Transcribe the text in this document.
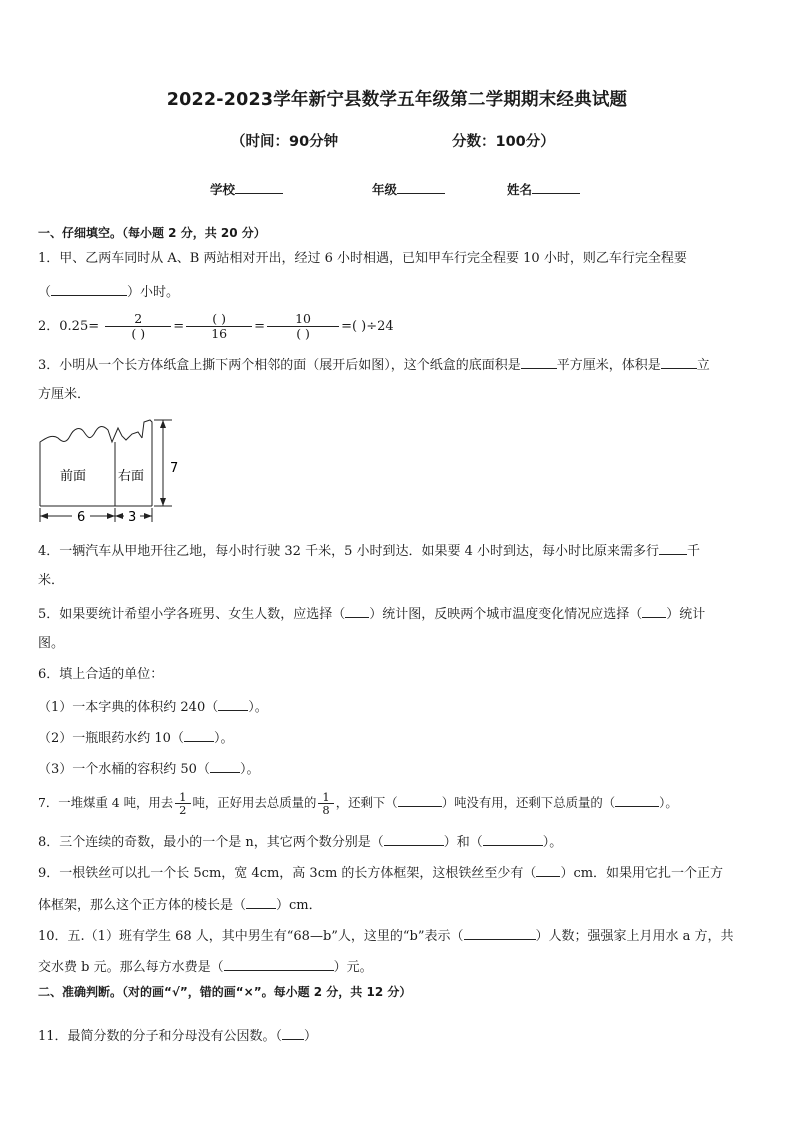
2022-2023学年新宁县数学五年级第二学期期末经典试题
（时间：90分钟	分数：100分）
学校	年级	姓名
一、仔细填空。（每小题 2 分，共 20 分）
1．甲、乙两车同时从 A、B 两站相对开出，经过 6 小时相遇，已知甲车行完全程要 10 小时，则乙车行完全程要
（	）小时。
2．$0.25= \frac{2}{( )} = \frac{( )}{16} = \frac{10}{( )}$ =( )÷24
3．小明从一个长方体纸盒上撕下两个相邻的面（展开后如图），这个纸盒的底面积是	平方厘米，体积是	立
方厘米．
前面 右面
7
6	3
4．一辆汽车从甲地开往乙地，每小时行驶 32 千米，5 小时到达．如果要 4 小时到达，每小时比原来需多行 千
米．
5．如果要统计希望小学各班男、女生人数，应选择（ ）统计图，反映两个城市温度变化情况应选择（ ）统计
图。
6．填上合适的单位：
（1）一本字典的体积约 240（ ）。
（2）一瓶眼药水约 10（ ）。
（3）一个水桶的容积约 50（ ）。
7．一堆煤重 4 吨，用去 $\frac{1}{2}$ 吨，正好用去总质量的 $\frac{1}{8}$ ，还剩下（	）吨没有用，还剩下总质量的（	）。
8．三个连续的奇数，最小的一个是 n，其它两个数分别是（	）和（	）。
9．一根铁丝可以扎一个长 5cm，宽 4cm，高 3cm 的长方体框架，这根铁丝至少有（ ）cm．如果用它扎一个正方
体框架，那么这个正方体的棱长是（ ）cm．
10．五.（1）班有学生 68 人，其中男生有“68—b”人，这里的“b”表示（	）人数；强强家上月用水 a 方，共
交水费 b 元。那么每方水费是（	）元。
二、准确判断。（对的画“√”，错的画“×”。每小题 2 分，共 12 分）
11．最简分数的分子和分母没有公因数。（ ）
